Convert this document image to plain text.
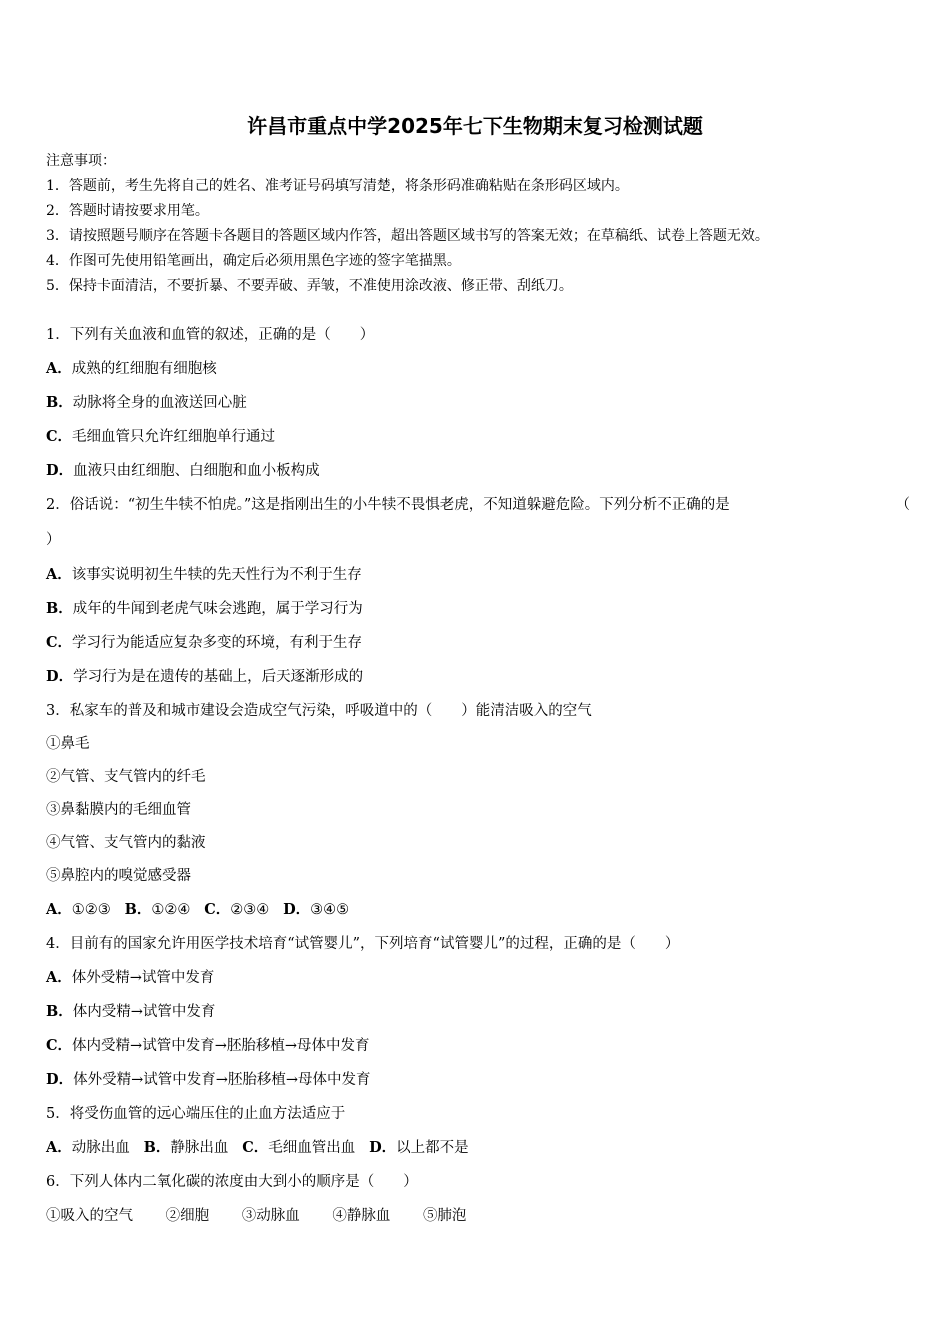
许昌市重点中学2025年七下生物期末复习检测试题
注意事项：
1．答题前，考生先将自己的姓名、准考证号码填写清楚，将条形码准确粘贴在条形码区域内。
2．答题时请按要求用笔。
3．请按照题号顺序在答题卡各题目的答题区域内作答，超出答题区域书写的答案无效；在草稿纸、试卷上答题无效。
4．作图可先使用铅笔画出，确定后必须用黑色字迹的签字笔描黑。
5．保持卡面清洁，不要折暴、不要弄破、弄皱，不准使用涂改液、修正带、刮纸刀。
1．下列有关血液和血管的叙述，正确的是（　　）
A．成熟的红细胞有细胞核
B．动脉将全身的血液送回心脏
C．毛细血管只允许红细胞单行通过
D．血液只由红细胞、白细胞和血小板构成
2．俗话说：“初生牛犊不怕虎。”这是指刚出生的小牛犊不畏惧老虎，不知道躲避危险。下列分析不正确的是	（
）
A．该事实说明初生牛犊的先天性行为不利于生存
B．成年的牛闻到老虎气味会逃跑，属于学习行为
C．学习行为能适应复杂多变的环境，有利于生存
D．学习行为是在遗传的基础上，后天逐渐形成的
3．私家车的普及和城市建设会造成空气污染，呼吸道中的（　　）能清洁吸入的空气
①鼻毛
②气管、支气管内的纤毛
③鼻黏膜内的毛细血管
④气管、支气管内的黏液
⑤鼻腔内的嗅觉感受器
A．①②③ B．①②④ C．②③④ D．③④⑤
4．目前有的国家允许用医学技术培育“试管婴儿”，下列培育“试管婴儿”的过程，正确的是（　　）
A．体外受精→试管中发育
B．体内受精→试管中发育
C．体内受精→试管中发育→胚胎移植→母体中发育
D．体外受精→试管中发育→胚胎移植→母体中发育
5．将受伤血管的远心端压住的止血方法适应于
A．动脉出血 B．静脉出血 C．毛细血管出血 D．以上都不是
6．下列人体内二氧化碳的浓度由大到小的顺序是（　　）
①吸入的空气 ②细胞 ③动脉血 ④静脉血 ⑤肺泡
